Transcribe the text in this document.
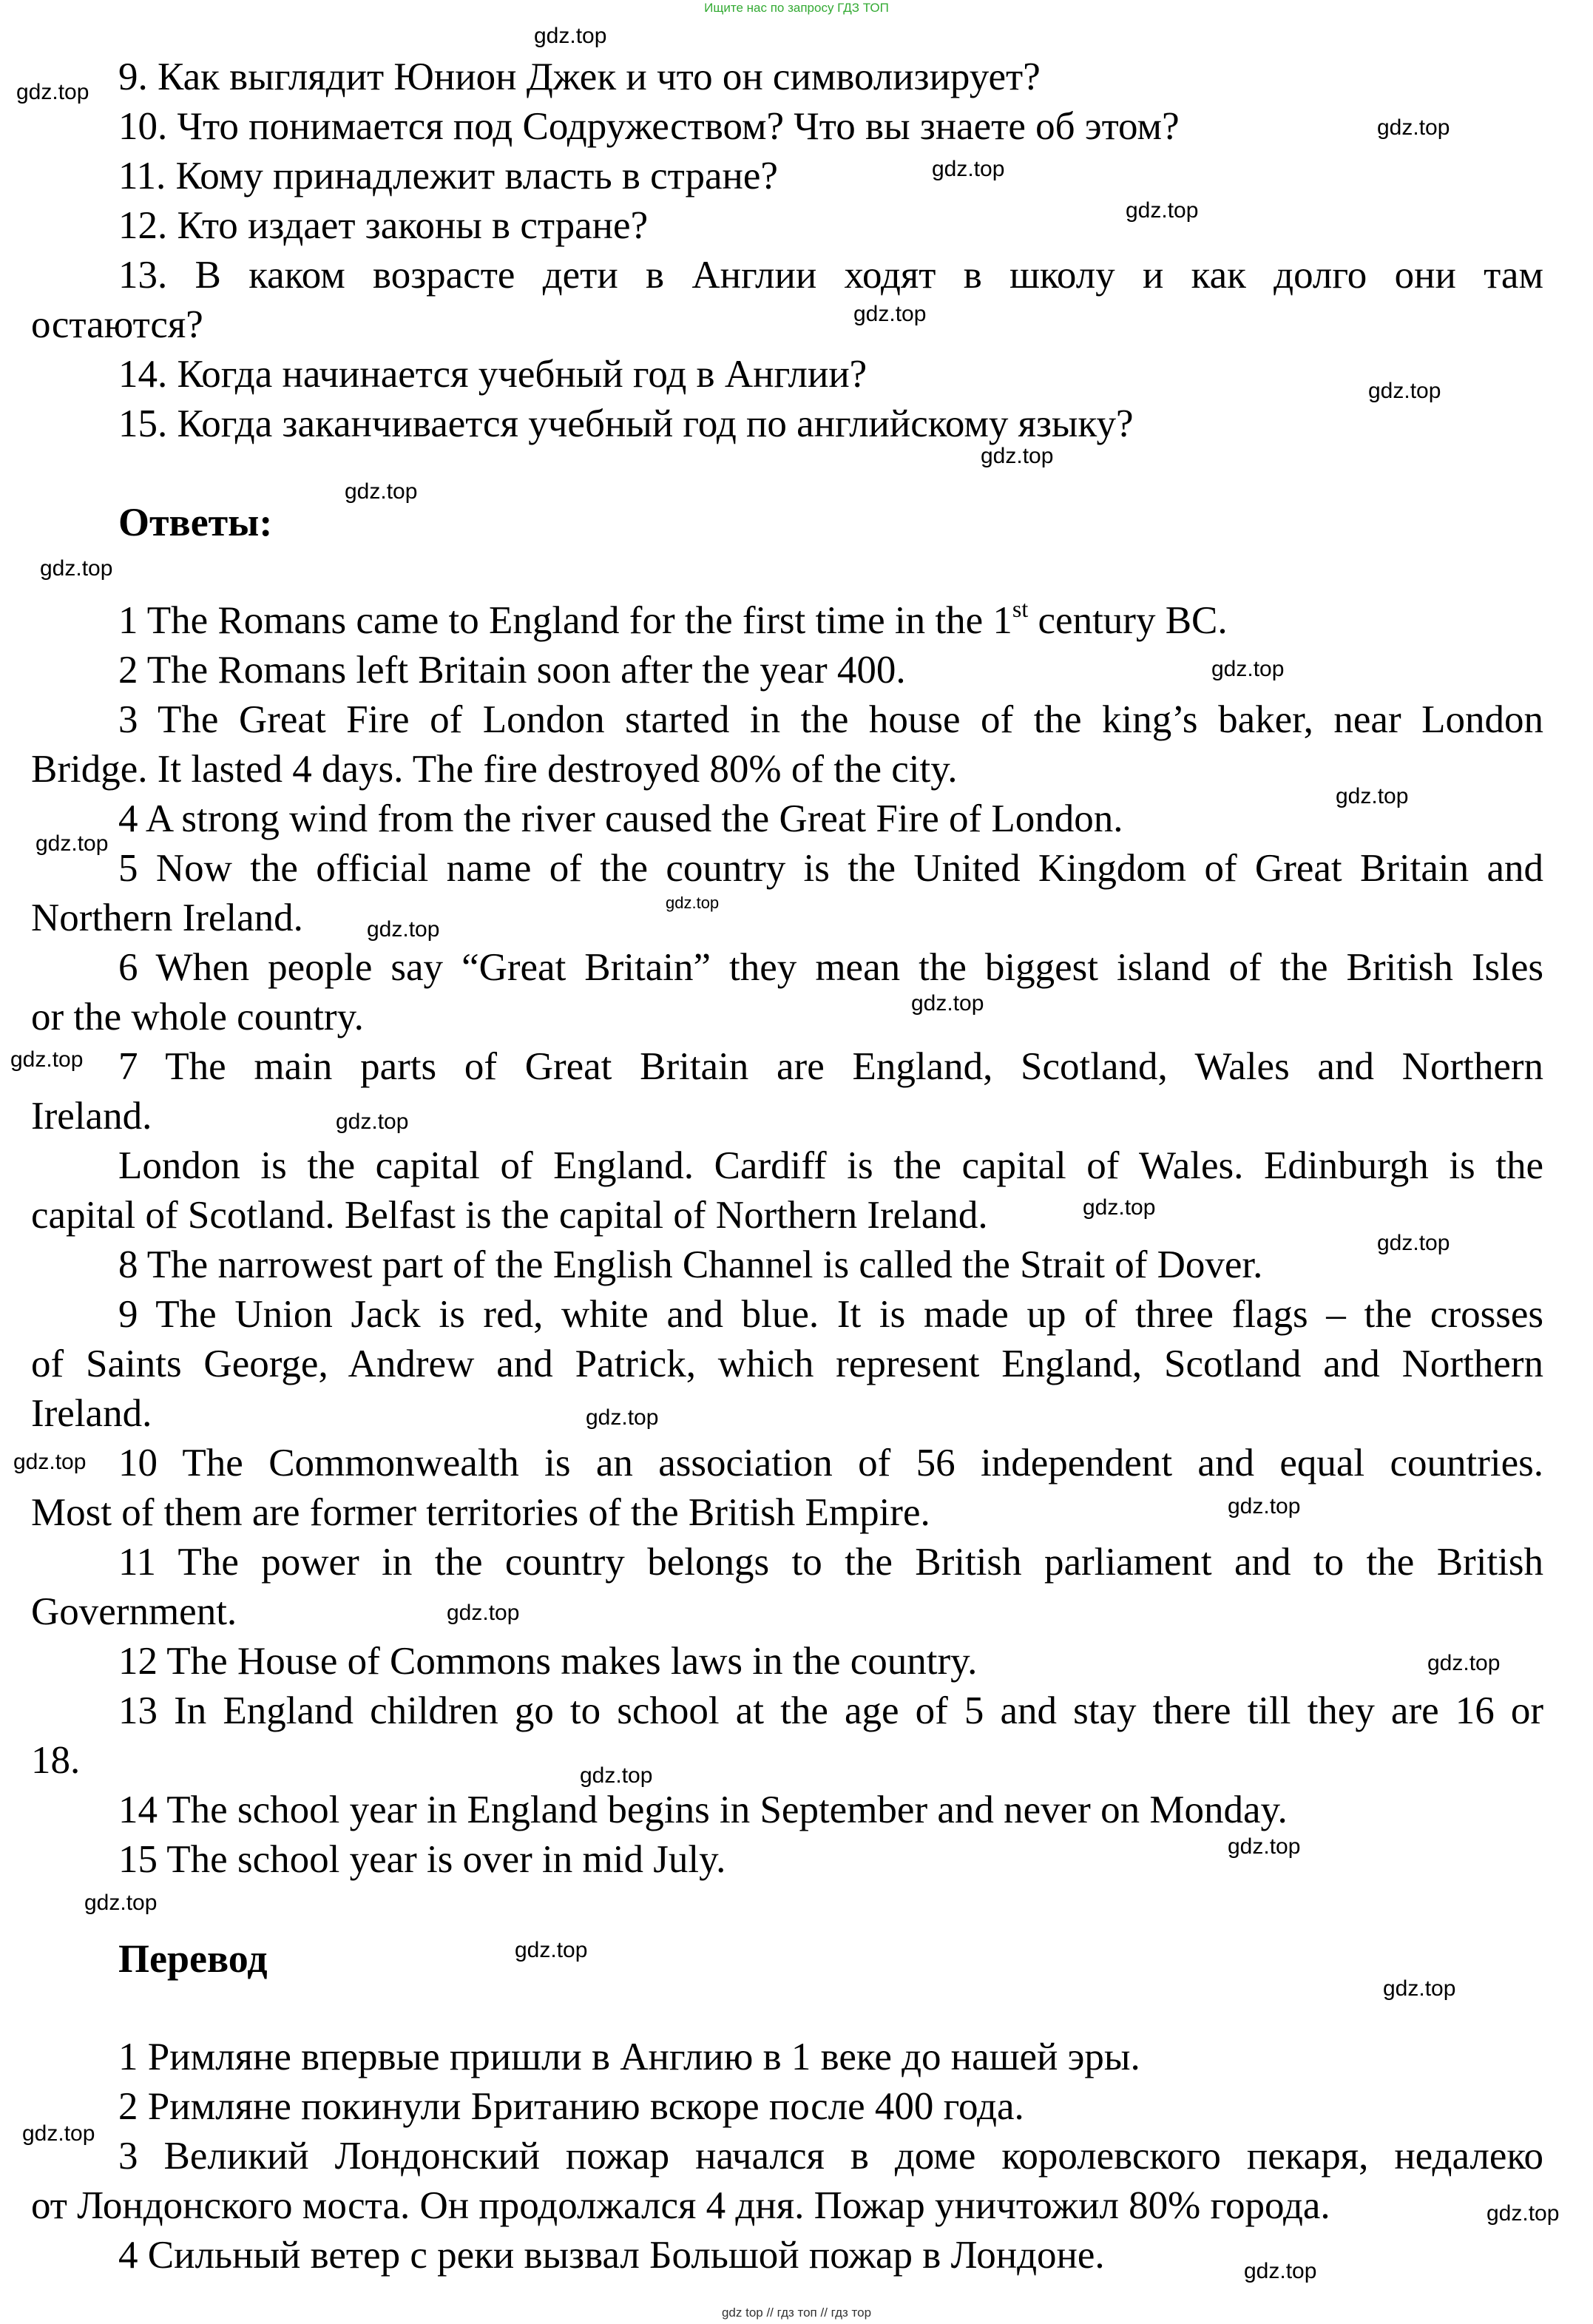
Ищите нас по запросу ГДЗ ТОП
9. Как выглядит Юнион Джек и что он символизирует?
10. Что понимается под Содружеством? Что вы знаете об этом?
11. Кому принадлежит власть в стране?
12. Кто издает законы в стране?
13. В каком возрасте дети в Англии ходят в школу и как долго они там
остаются?
14. Когда начинается учебный год в Англии?
15. Когда заканчивается учебный год по английскому языку?
Ответы:
1 The Romans came to England for the first time in the 1st century BC.
2 The Romans left Britain soon after the year 400.
3 The Great Fire of London started in the house of the king’s baker, near London
Bridge. It lasted 4 days. The fire destroyed 80% of the city.
4 A strong wind from the river caused the Great Fire of London.
5 Now the official name of the country is the United Kingdom of Great Britain and
Northern Ireland.
6 When people say “Great Britain” they mean the biggest island of the British Isles
or the whole country.
7 The main parts of Great Britain are England, Scotland, Wales and Northern
Ireland.
London is the capital of England. Cardiff is the capital of Wales. Edinburgh is the
capital of Scotland. Belfast is the capital of Northern Ireland.
8 The narrowest part of the English Channel is called the Strait of Dover.
9 The Union Jack is red, white and blue. It is made up of three flags – the crosses
of Saints George, Andrew and Patrick, which represent England, Scotland and Northern
Ireland.
10 The Commonwealth is an association of 56 independent and equal countries.
Most of them are former territories of the British Empire.
11 The power in the country belongs to the British parliament and to the British
Government.
12 The House of Commons makes laws in the country.
13 In England children go to school at the age of 5 and stay there till they are 16 or
18.
14 The school year in England begins in September and never on Monday.
15 The school year is over in mid July.
Перевод
1 Римляне впервые пришли в Англию в 1 веке до нашей эры.
2 Римляне покинули Британию вскоре после 400 года.
3 Великий Лондонский пожар начался в доме королевского пекаря, недалеко
от Лондонского моста. Он продолжался 4 дня. Пожар уничтожил 80% города.
4 Сильный ветер с реки вызвал Большой пожар в Лондоне.
gdz.top
gdz.top
gdz.top
gdz.top
gdz.top
gdz.top
gdz.top
gdz.top
gdz.top
gdz.top
gdz.top
gdz.top
gdz.top
gdz.top
gdz.top
gdz.top
gdz.top
gdz.top
gdz.top
gdz.top
gdz.top
gdz.top
gdz.top
gdz.top
gdz.top
gdz.top
gdz.top
gdz.top
gdz.top
gdz.top
gdz.top
gdz.top
gdz.top
gdz top // гдз топ // гдз тор
